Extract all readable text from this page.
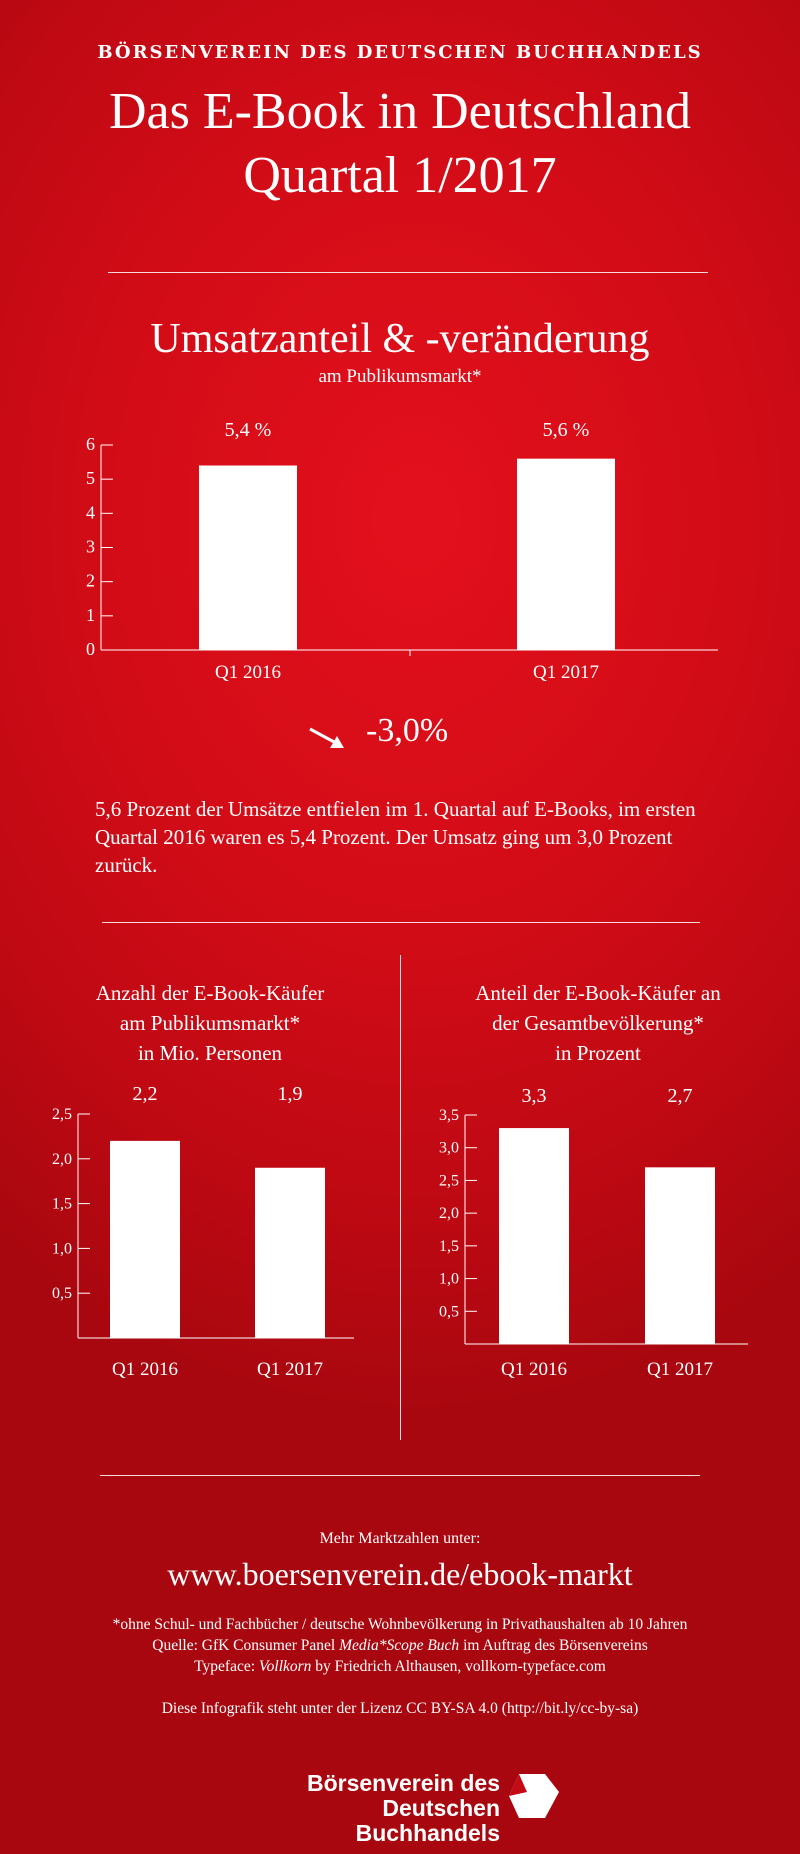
BÖRSENVEREIN DES DEUTSCHEN BUCHHANDELS
Das E-Book in Deutschland
Quartal 1/2017
Umsatzanteil & -veränderung
am Publikumsmarkt*
0
1
2
3
4
5
6
5,4 %
Q1 2016
5,6 %
Q1 2017
-3,0%
5,6 Prozent der Umsätze entfielen im 1. Quartal auf E-Books, im ersten Quartal 2016 waren es 5,4 Prozent. Der Umsatz ging um 3,0 Prozent zurück.
Anzahl der E-Book-Käufer
am Publikumsmarkt*
in Mio. Personen
Anteil der E-Book-Käufer an
der Gesamtbevölkerung*
in Prozent
0,5
1,0
1,5
2,0
2,5
2,2
Q1 2016
1,9
Q1 2017
0,5
1,0
1,5
2,0
2,5
3,0
3,5
3,3
Q1 2016
2,7
Q1 2017
Mehr Marktzahlen unter:
www.boersenverein.de/ebook-markt
*ohne Schul- und Fachbücher / deutsche Wohnbevölkerung in Privathaushalten ab 10 Jahren
Quelle: GfK Consumer Panel Media*Scope Buch im Auftrag des Börsenvereins
Typeface: Vollkorn by Friedrich Althausen, vollkorn-typeface.com
Diese Infografik steht unter der Lizenz CC BY-SA 4.0 (http://bit.ly/cc-by-sa)
Börsenverein des
Deutschen Buchhandels
